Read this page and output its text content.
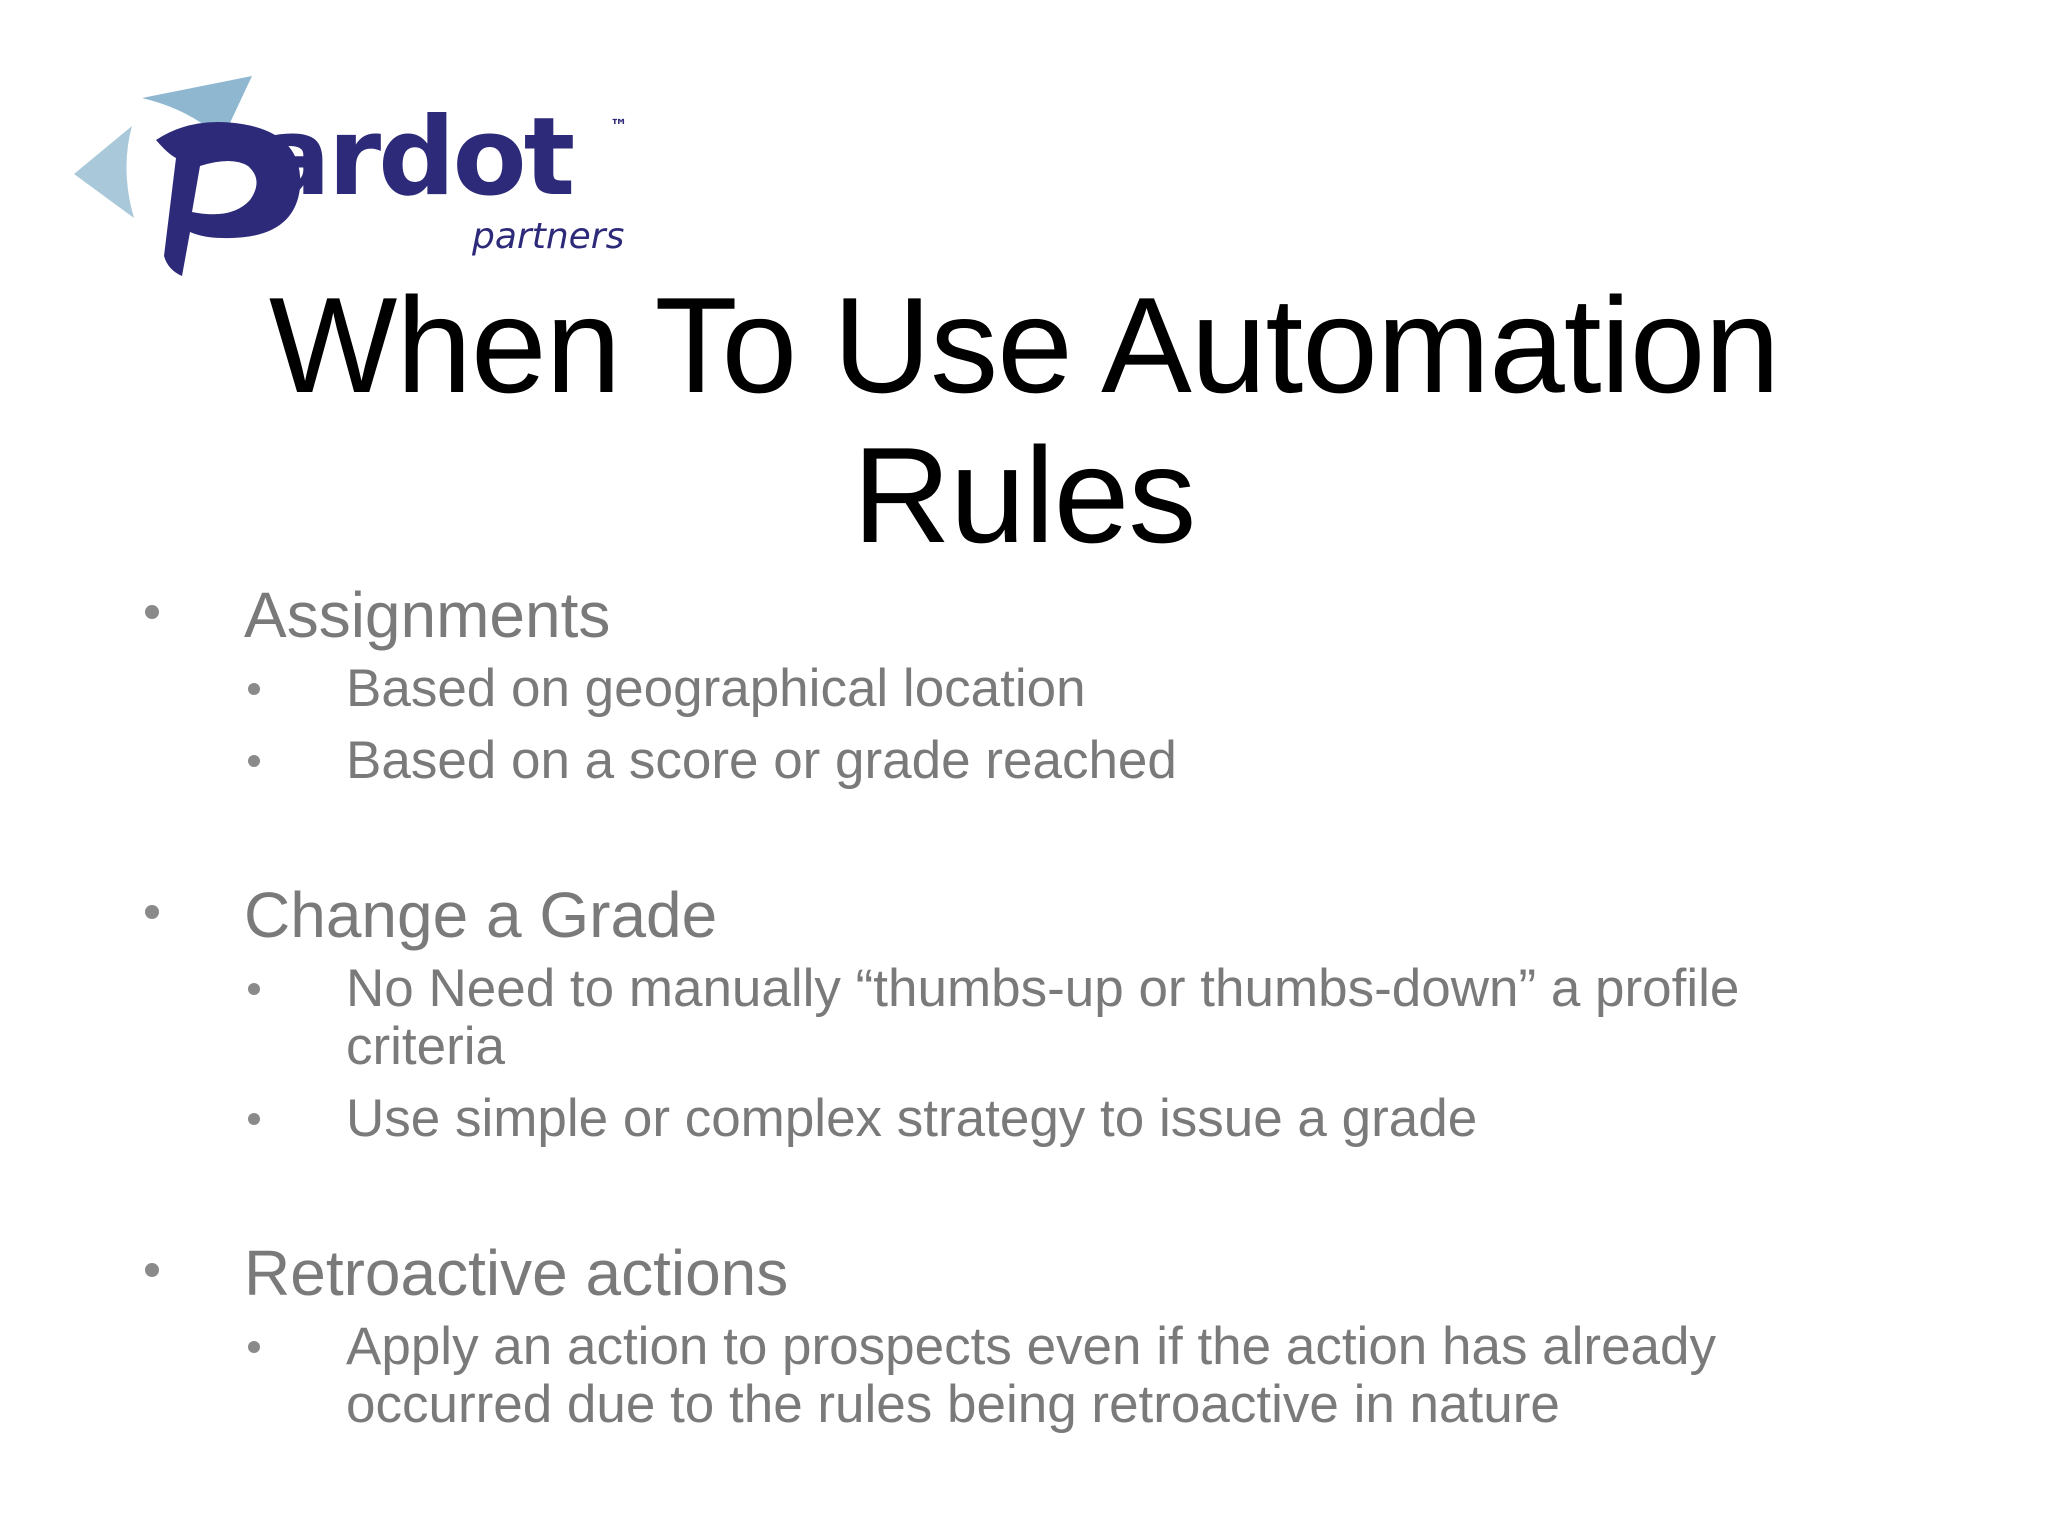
ardot ™
partners
When To Use Automation
Rules
Assignments
Based on geographical location
Based on a score or grade reached
Change a Grade
No Need to manually “thumbs-up or thumbs-down” a profile criteria
Use simple or complex strategy to issue a grade
Retroactive actions
Apply an action to prospects even if the action has already occurred due to the rules being retroactive in nature
